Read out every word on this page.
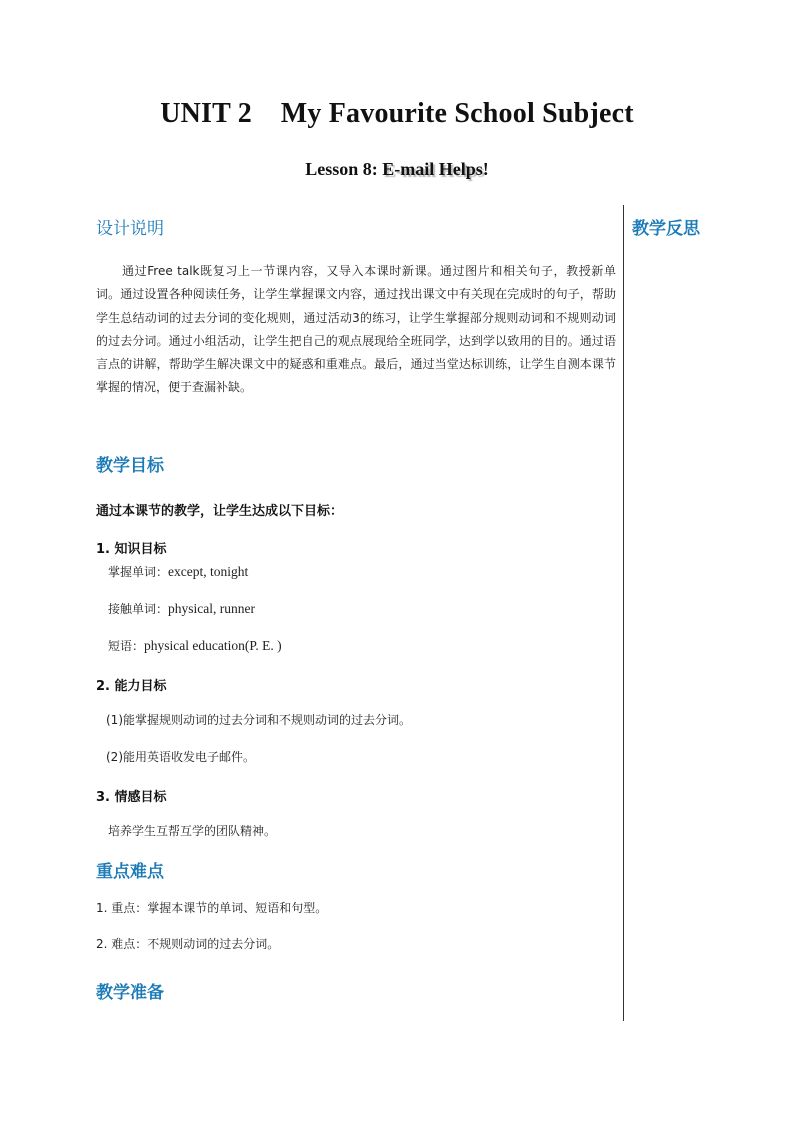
UNIT 2    My Favourite School Subject
Lesson 8: E-mail Helps!
设计说明	教学反思
通过Free talk既复习上一节课内容，又导入本课时新课。通过图片和相关句子，教授新单词。通过设置各种阅读任务，让学生掌握课文内容，通过找出课文中有关现在完成时的句子，帮助学生总结动词的过去分词的变化规则，通过活动3的练习，让学生掌握部分规则动词和不规则动词的过去分词。通过小组活动，让学生把自己的观点展现给全班同学，达到学以致用的目的。通过语言点的讲解，帮助学生解决课文中的疑惑和重难点。最后，通过当堂达标训练，让学生自测本课节掌握的情况，便于查漏补缺。
教学目标
通过本课节的教学，让学生达成以下目标：
1. 知识目标
掌握单词：except, tonight
接触单词：physical, runner
短语：physical education(P. E. )
2. 能力目标
(1)能掌握规则动词的过去分词和不规则动词的过去分词。
(2)能用英语收发电子邮件。
3. 情感目标
培养学生互帮互学的团队精神。
重点难点
1. 重点：掌握本课节的单词、短语和句型。
2. 难点：不规则动词的过去分词。
教学准备
